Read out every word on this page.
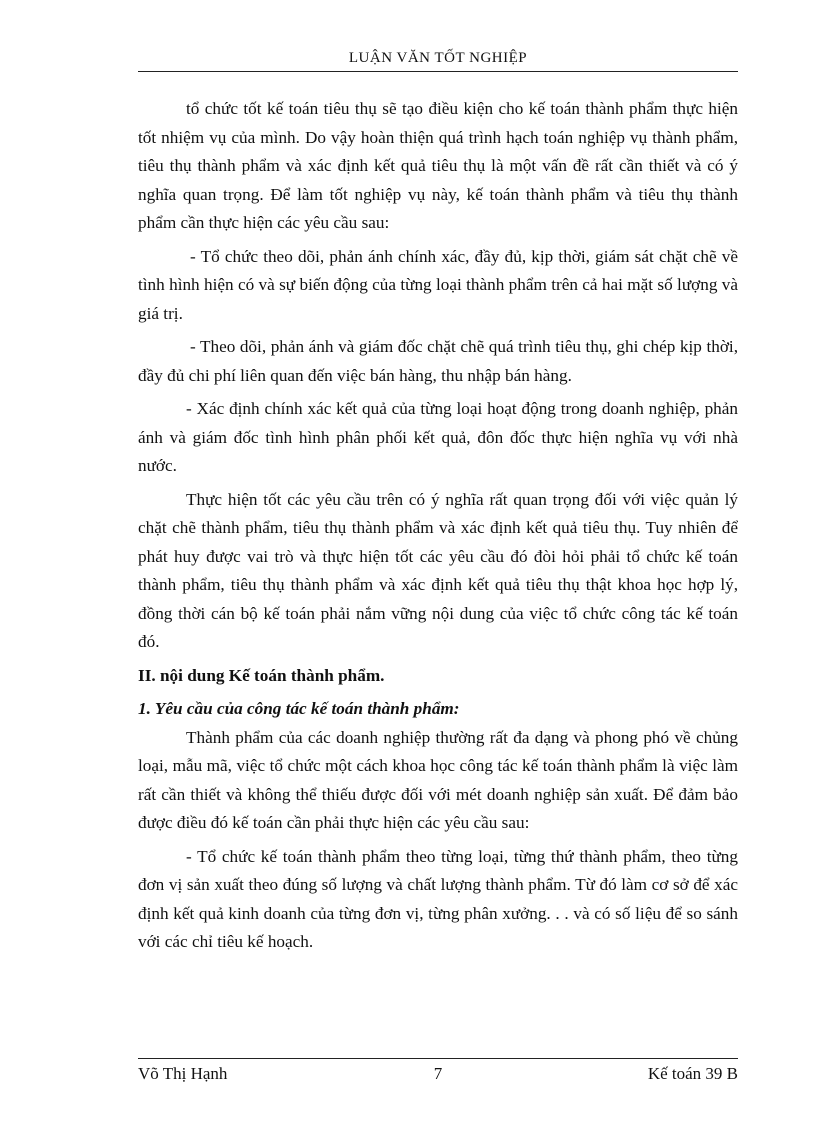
LUẬN VĂN TỐT NGHIỆP

tổ chức tốt kế toán tiêu thụ sẽ tạo điều kiện cho kế toán thành phẩm thực hiện tốt nhiệm vụ của mình. Do vậy hoàn thiện quá trình hạch toán nghiệp vụ thành phẩm, tiêu thụ thành phẩm và xác định kết quả tiêu thụ là một vấn đề rất cần thiết và có ý nghĩa quan trọng. Để làm tốt nghiệp vụ này, kế toán thành phẩm và tiêu thụ thành phẩm cần thực hiện các yêu cầu sau:

- Tổ chức theo dõi, phản ánh chính xác, đầy đủ, kịp thời, giám sát chặt chẽ về tình hình hiện có và sự biến động của từng loại thành phẩm trên cả hai mặt số lượng và giá trị.

- Theo dõi, phản ánh và giám đốc chặt chẽ quá trình tiêu thụ, ghi chép kịp thời, đầy đủ chi phí liên quan đến việc bán hàng, thu nhập bán hàng.

- Xác định chính xác kết quả của từng loại hoạt động trong doanh nghiệp, phản ánh và giám đốc tình hình phân phối kết quả, đôn đốc thực hiện nghĩa vụ với nhà nước.

Thực hiện tốt các yêu cầu trên có ý nghĩa rất quan trọng đối với việc quản lý chặt chẽ thành phẩm, tiêu thụ thành phẩm và xác định kết quả tiêu thụ. Tuy nhiên để phát huy được vai trò và thực hiện tốt các yêu cầu đó đòi hỏi phải tổ chức kế toán thành phẩm, tiêu thụ thành phẩm và xác định kết quả tiêu thụ thật khoa học hợp lý, đồng thời cán bộ kế toán phải nắm vững nội dung của việc tổ chức công tác kế toán đó.

II. nội dung Kế toán thành phẩm.

1. Yêu cầu của công tác kế toán thành phẩm:

Thành phẩm của các doanh nghiệp thường rất đa dạng và phong phó về chủng loại, mẫu mã, việc tổ chức một cách khoa học công tác kế toán thành phẩm là việc làm rất cần thiết và không thể thiếu được đối với mét doanh nghiệp sản xuất. Để đảm bảo được điều đó kế toán cần phải thực hiện các yêu cầu sau:

- Tổ chức kế toán thành phẩm theo từng loại, từng thứ thành phẩm, theo từng đơn vị sản xuất theo đúng số lượng và chất lượng thành phẩm. Từ đó làm cơ sở để xác định kết quả kinh doanh của từng đơn vị, từng phân xưởng. . . và có số liệu để so sánh với các chỉ tiêu kế hoạch.

Võ Thị Hạnh	7	Kế toán 39 B
